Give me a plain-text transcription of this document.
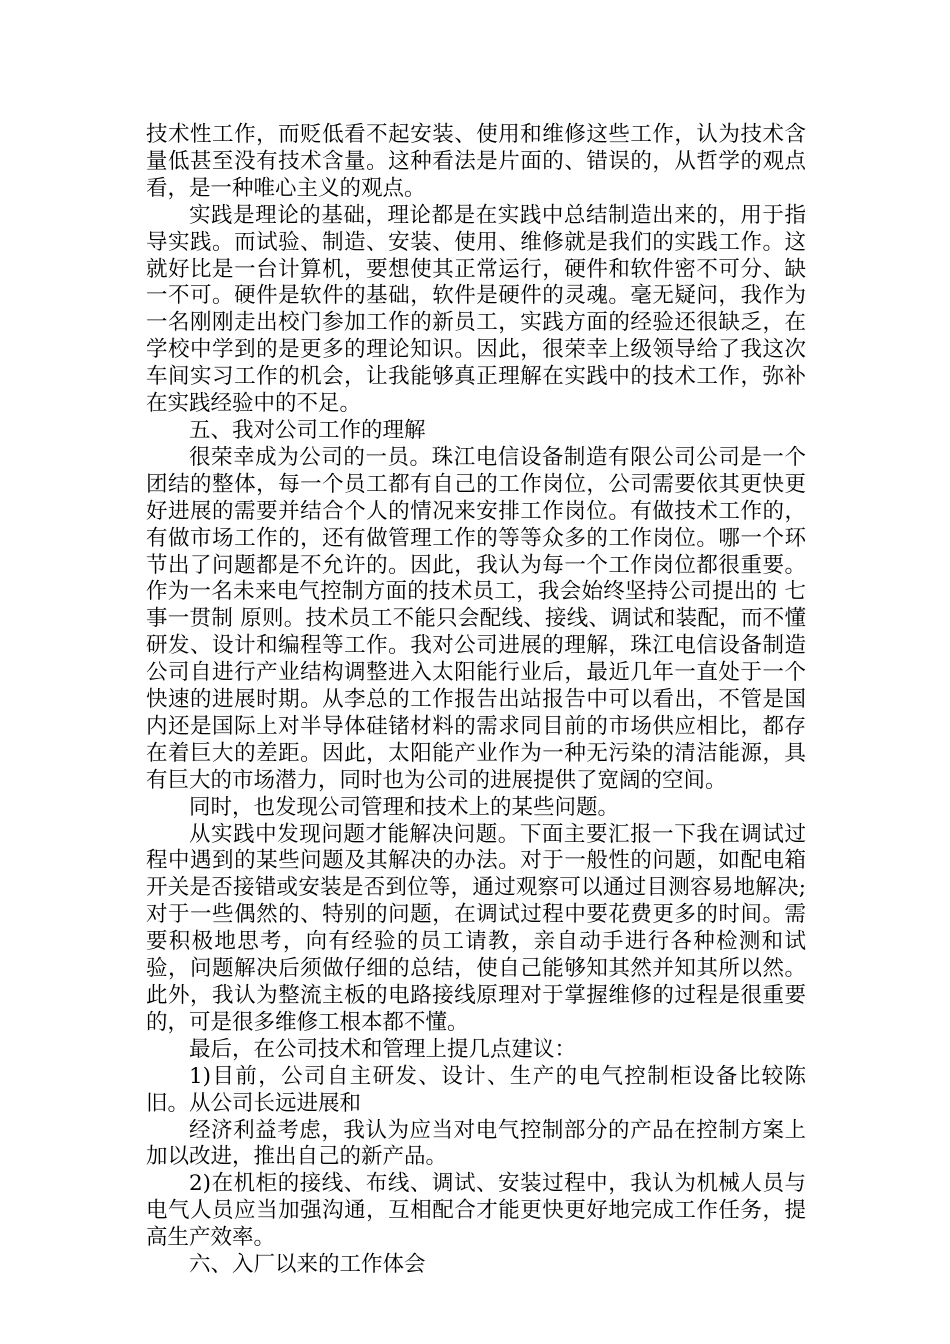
技术性工作，而贬低看不起安装、使用和维修这些工作，认为技术含量低甚至没有技术含量。这种看法是片面的、错误的，从哲学的观点看，是一种唯心主义的观点。

实践是理论的基础，理论都是在实践中总结制造出来的，用于指导实践。而试验、制造、安装、使用、维修就是我们的实践工作。这就好比是一台计算机，要想使其正常运行，硬件和软件密不可分、缺一不可。硬件是软件的基础，软件是硬件的灵魂。毫无疑问，我作为一名刚刚走出校门参加工作的新员工，实践方面的经验还很缺乏，在学校中学到的是更多的理论知识。因此，很荣幸上级领导给了我这次车间实习工作的机会，让我能够真正理解在实践中的技术工作，弥补在实践经验中的不足。

五、我对公司工作的理解

很荣幸成为公司的一员。珠江电信设备制造有限公司公司是一个团结的整体，每一个员工都有自己的工作岗位，公司需要依其更快更好进展的需要并结合个人的情况来安排工作岗位。有做技术工作的，有做市场工作的，还有做管理工作的等等众多的工作岗位。哪一个环节出了问题都是不允许的。因此，我认为每一个工作岗位都很重要。作为一名未来电气控制方面的技术员工，我会始终坚持公司提出的 七事一贯制 原则。技术员工不能只会配线、接线、调试和装配，而不懂研发、设计和编程等工作。我对公司进展的理解，珠江电信设备制造公司自进行产业结构调整进入太阳能行业后，最近几年一直处于一个快速的进展时期。从李总的工作报告出站报告中可以看出，不管是国内还是国际上对半导体硅锗材料的需求同目前的市场供应相比，都存在着巨大的差距。因此，太阳能产业作为一种无污染的清洁能源，具有巨大的市场潜力，同时也为公司的进展提供了宽阔的空间。

同时，也发现公司管理和技术上的某些问题。

从实践中发现问题才能解决问题。下面主要汇报一下我在调试过程中遇到的某些问题及其解决的办法。对于一般性的问题，如配电箱开关是否接错或安装是否到位等，通过观察可以通过目测容易地解决;对于一些偶然的、特别的问题，在调试过程中要花费更多的时间。需要积极地思考，向有经验的员工请教，亲自动手进行各种检测和试验，问题解决后须做仔细的总结，使自己能够知其然并知其所以然。 此外，我认为整流主板的电路接线原理对于掌握维修的过程是很重要的，可是很多维修工根本都不懂。

最后，在公司技术和管理上提几点建议：

1)目前，公司自主研发、设计、生产的电气控制柜设备比较陈旧。从公司长远进展和

经济利益考虑，我认为应当对电气控制部分的产品在控制方案上加以改进，推出自己的新产品。

2)在机柜的接线、布线、调试、安装过程中，我认为机械人员与电气人员应当加强沟通，互相配合才能更快更好地完成工作任务，提高生产效率。

六、入厂以来的工作体会
